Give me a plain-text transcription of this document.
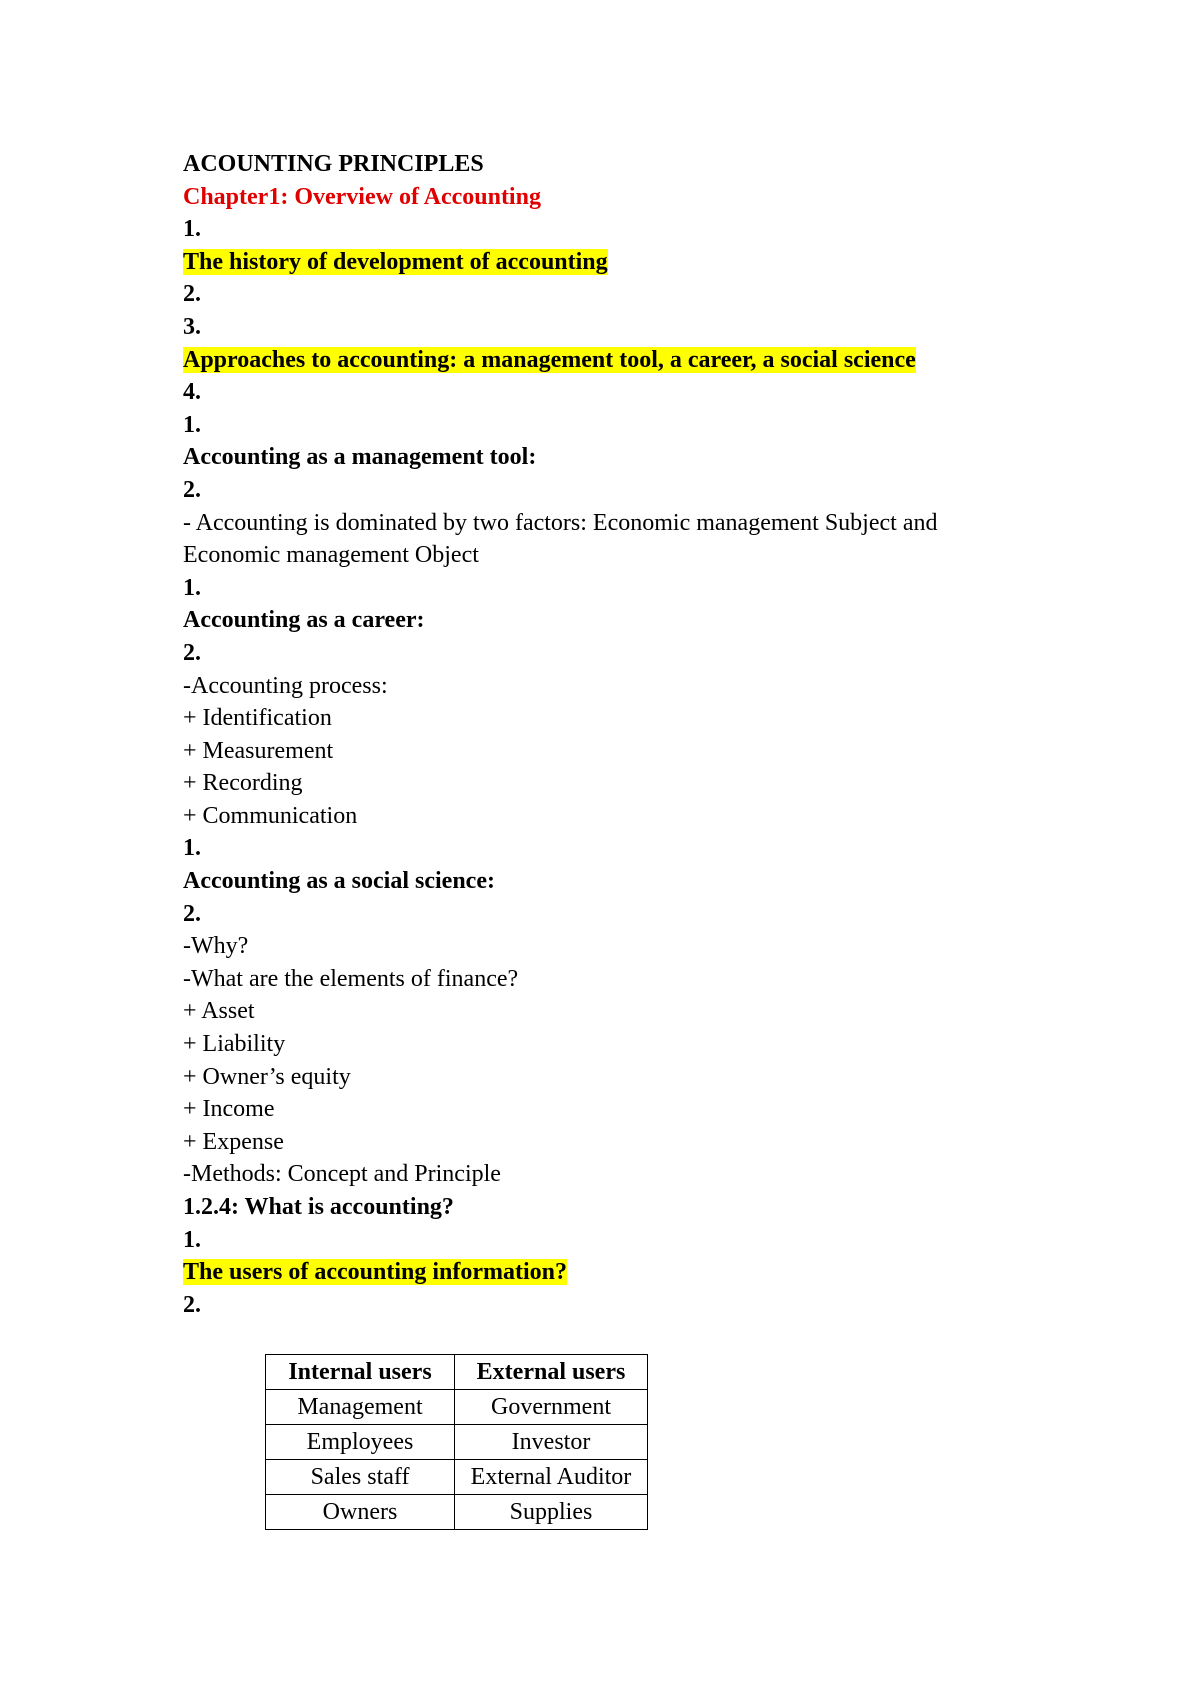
ACOUNTING PRINCIPLES
Chapter1: Overview of Accounting
1.
The history of development of accounting
2.
3.
Approaches to accounting: a management tool, a career, a social science
4.
1.
Accounting as a management tool:
2.
- Accounting is dominated by two factors: Economic management Subject and Economic management Object
1.
Accounting as a career:
2.
-Accounting process:
+ Identification
+ Measurement
+ Recording
+ Communication
1.
Accounting as a social science:
2.
-Why?
-What are the elements of finance?
+ Asset
+ Liability
+ Owner’s equity
+ Income
+ Expense
-Methods: Concept and Principle
1.2.4: What is accounting?
1.
The users of accounting information?
2.
Internal users	External users
Management	Government
Employees	Investor
Sales staff	External Auditor
Owners	Supplies
